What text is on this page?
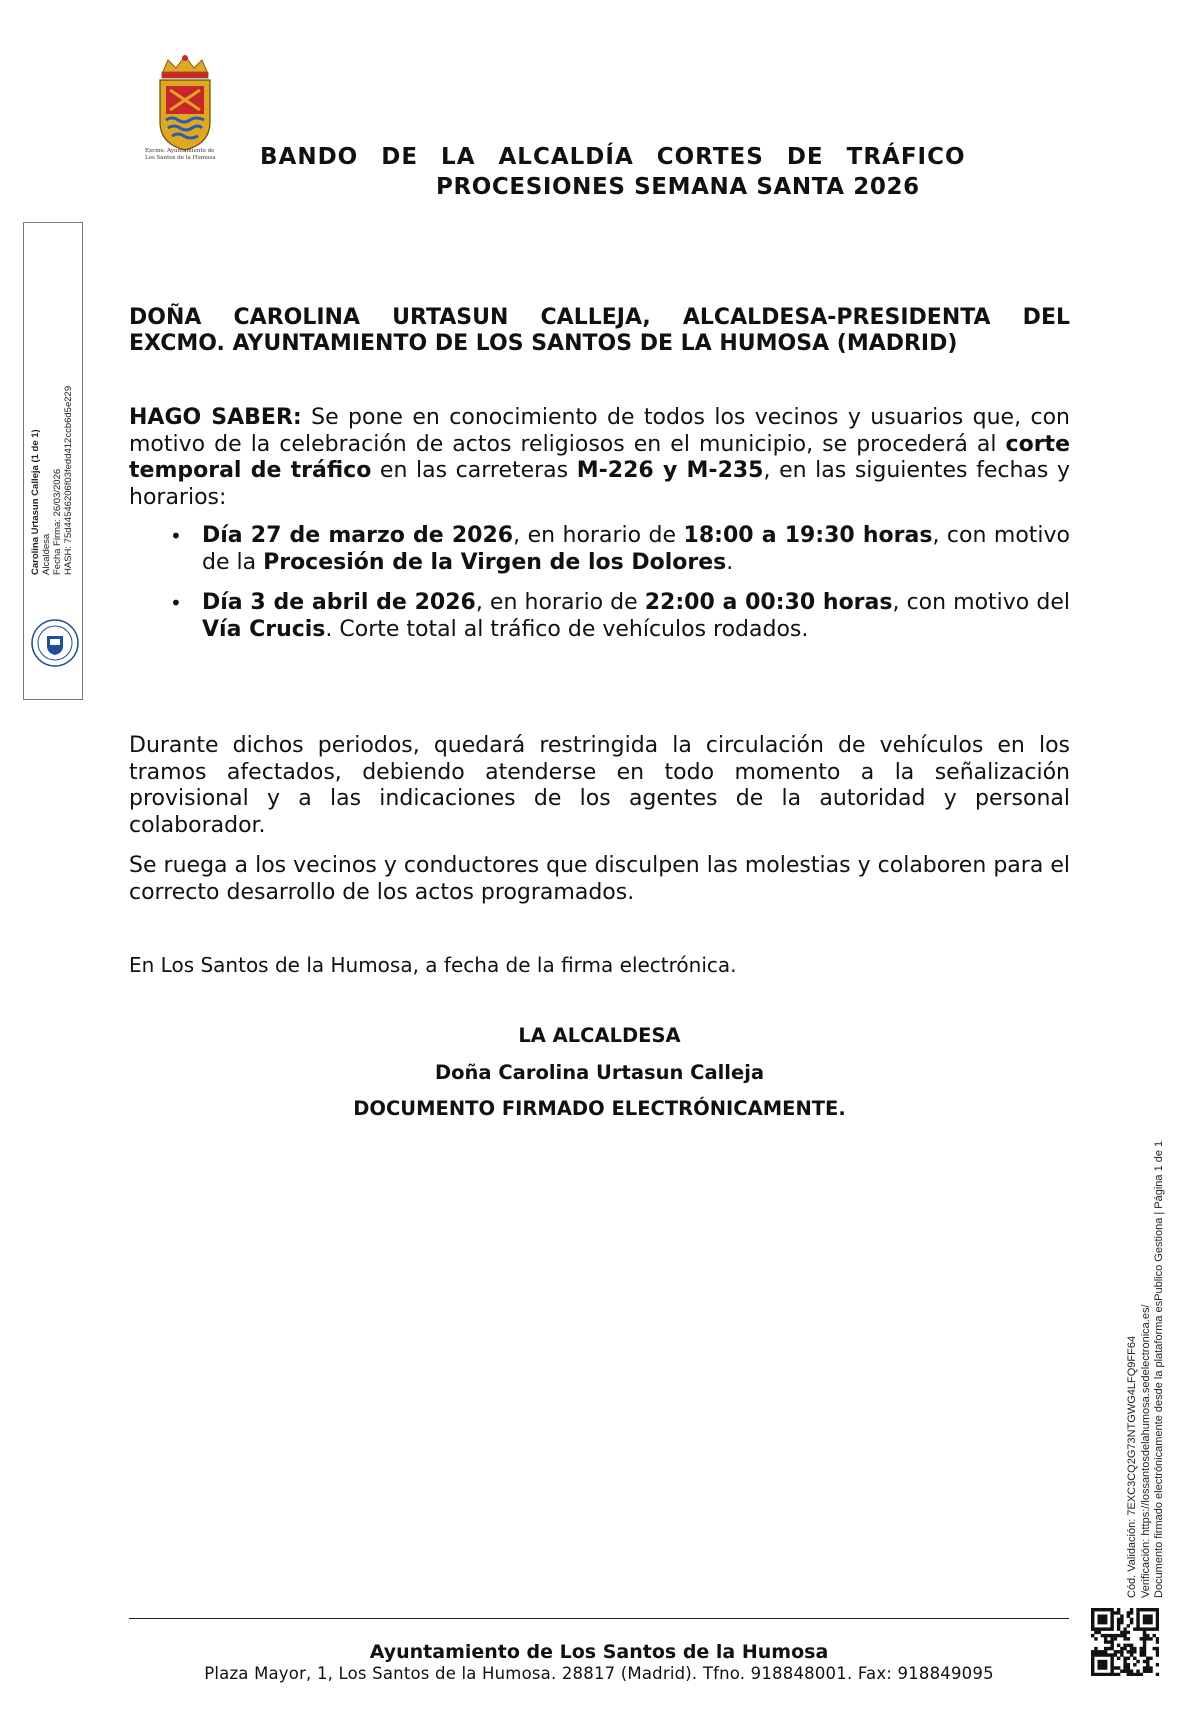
Excmo. Ayuntamiento de
Los Santos de la Humosa	BANDO DE LA ALCALDÍA CORTES DE TRÁFICO
PROCESIONES SEMANA SANTA 2026
Carolina Urtasun Calleja (1 de 1) Alcaldesa Fecha Firma: 26/03/2026 HASH: 75d44546206f03fedd412ccb6d5e229
DOÑA CAROLINA URTASUN CALLEJA, ALCALDESA-PRESIDENTA DEL
EXCMO. AYUNTAMIENTO DE LOS SANTOS DE LA HUMOSA (MADRID)
HAGO SABER: Se pone en conocimiento de todos los vecinos y usuarios que, con motivo de la celebración de actos religiosos en el municipio, se procederá al corte temporal de tráfico en las carreteras M-226 y M-235, en las siguientes fechas y horarios:
• Día 27 de marzo de 2026, en horario de 18:00 a 19:30 horas, con motivo de la Procesión de la Virgen de los Dolores.
• Día 3 de abril de 2026, en horario de 22:00 a 00:30 horas, con motivo del Vía Crucis. Corte total al tráfico de vehículos rodados.
Durante dichos periodos, quedará restringida la circulación de vehículos en los tramos afectados, debiendo atenderse en todo momento a la señalización provisional y a las indicaciones de los agentes de la autoridad y personal colaborador.
Se ruega a los vecinos y conductores que disculpen las molestias y colaboren para el correcto desarrollo de los actos programados.
En Los Santos de la Humosa, a fecha de la firma electrónica.
LA ALCALDESA
Doña Carolina Urtasun Calleja
DOCUMENTO FIRMADO ELECTRÓNICAMENTE.
Cód. Validación: 7EXC3CQ2G73NTGWG4LFQ9FF64 Verificación: https://lossantosdelahumosa.sedelectronica.es/ Documento firmado electrónicamente desde la plataforma esPublico Gestiona | Página 1 de 1
Ayuntamiento de Los Santos de la Humosa
Plaza Mayor, 1, Los Santos de la Humosa. 28817 (Madrid). Tfno. 918848001. Fax: 918849095
